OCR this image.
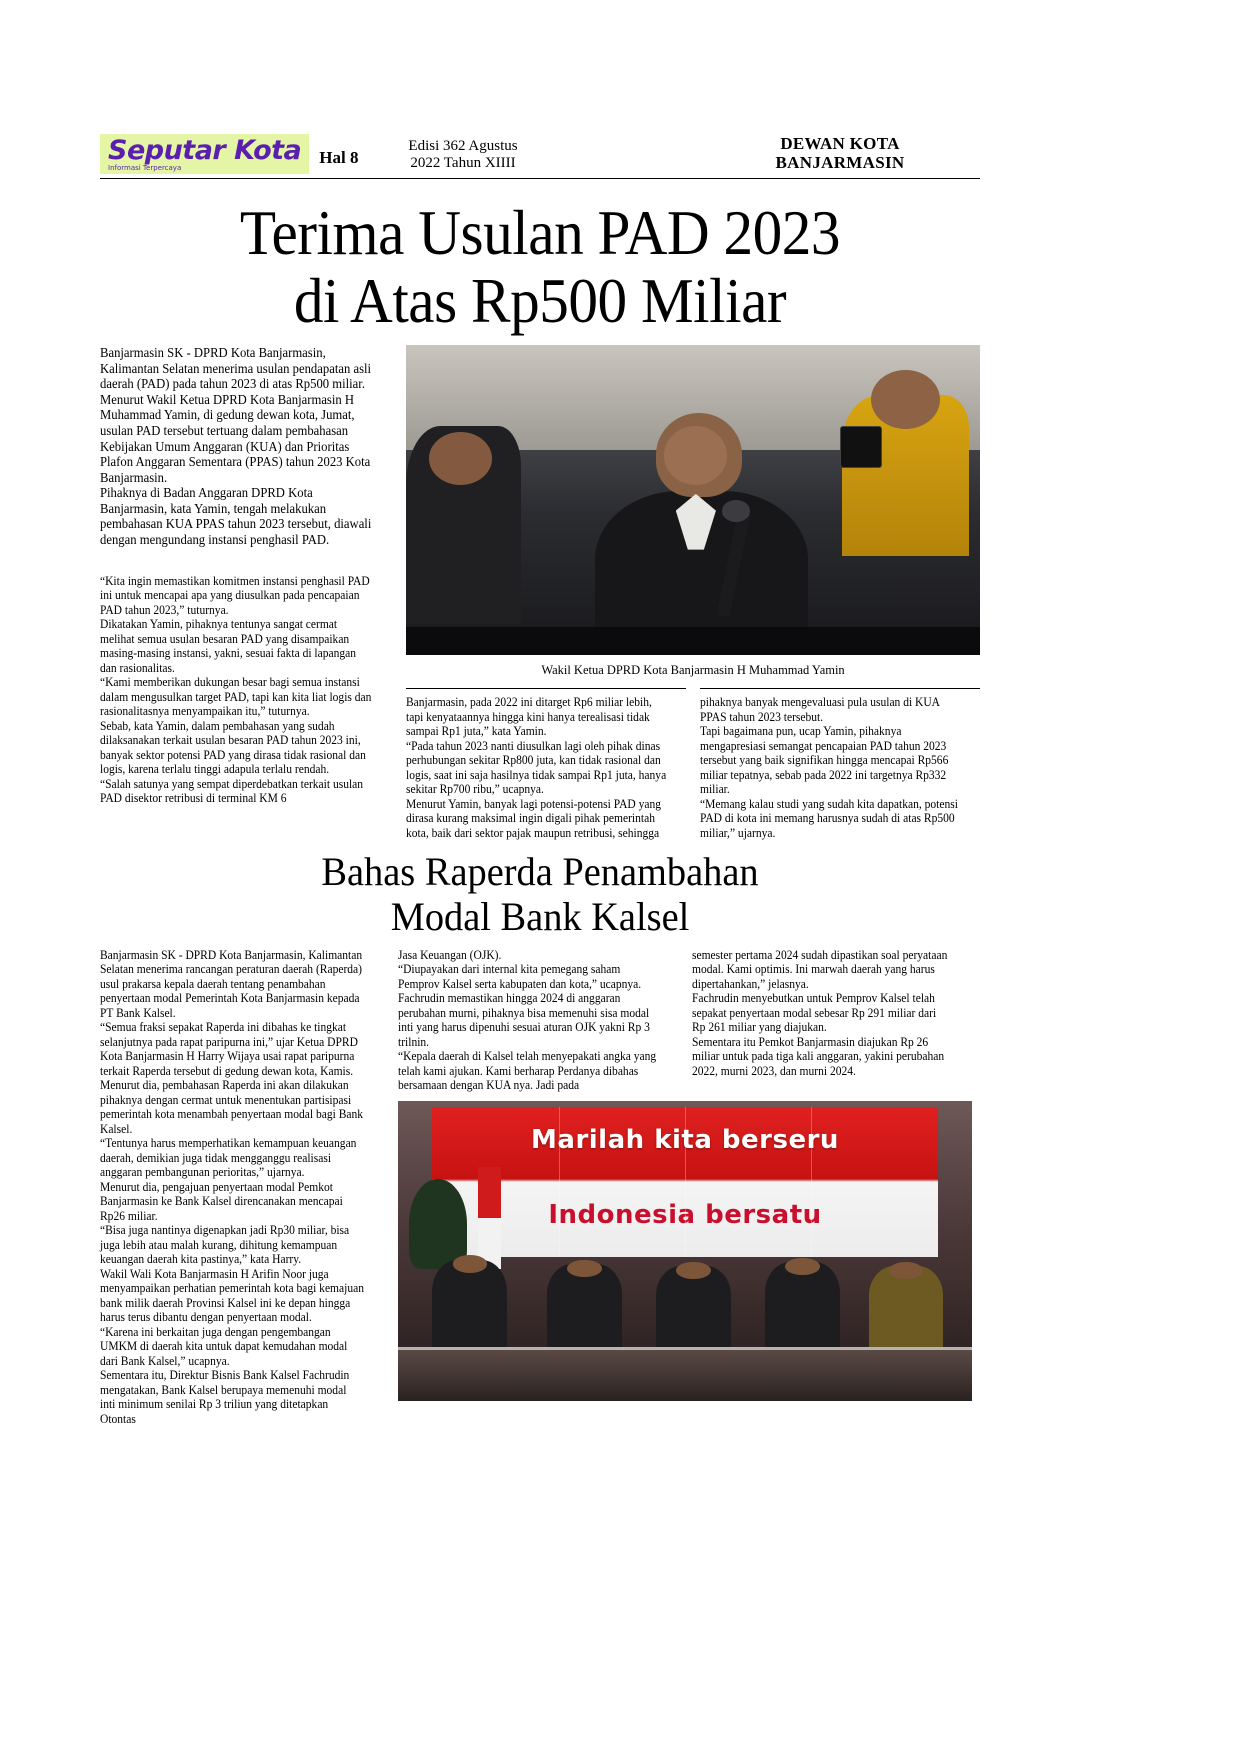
Seputar Kota
Informasi Terpercaya
Hal 8
Edisi 362 Agustus
2022 Tahun XIIII
DEWAN KOTA
BANJARMASIN
Terima Usulan PAD 2023
di Atas Rp500 Miliar

Banjarmasin SK - DPRD Kota Banjarmasin, Kalimantan Selatan menerima usulan pendapatan asli daerah (PAD) pada tahun 2023 di atas Rp500 miliar.

Menurut Wakil Ketua DPRD Kota Banjarmasin H Muhammad Yamin, di gedung dewan kota, Jumat, usulan PAD tersebut tertuang dalam pembahasan Kebijakan Umum Anggaran (KUA) dan Prioritas Plafon Anggaran Sementara (PPAS) tahun 2023 Kota Banjarmasin.

Pihaknya di Badan Anggaran DPRD Kota Banjarmasin, kata Yamin, tengah melakukan pembahasan KUA PPAS tahun 2023 tersebut, diawali dengan mengundang instansi penghasil PAD.

“Kita ingin memastikan komitmen instansi penghasil PAD ini untuk mencapai apa yang diusulkan pada pencapaian PAD tahun 2023,” tuturnya.

Dikatakan Yamin, pihaknya tentunya sangat cermat melihat semua usulan besaran PAD yang disampaikan masing-masing instansi, yakni, sesuai fakta di lapangan dan rasionalitas.

“Kami memberikan dukungan besar bagi semua instansi dalam mengusulkan target PAD, tapi kan kita liat logis dan rasionalitasnya menyampaikan itu,” tuturnya.

Sebab, kata Yamin, dalam pembahasan yang sudah dilaksanakan terkait usulan besaran PAD tahun 2023 ini, banyak sektor potensi PAD yang dirasa tidak rasional dan logis, karena terlalu tinggi adapula terlalu rendah.

“Salah satunya yang sempat diperdebatkan terkait usulan PAD disektor retribusi di terminal KM 6

Wakil Ketua DPRD Kota Banjarmasin H Muhammad Yamin

Banjarmasin, pada 2022 ini ditarget Rp6 miliar lebih, tapi kenyataannya hingga kini hanya terealisasi tidak sampai Rp1 juta,” kata Yamin.

“Pada tahun 2023 nanti diusulkan lagi oleh pihak dinas perhubungan sekitar Rp800 juta, kan tidak rasional dan logis, saat ini saja hasilnya tidak sampai Rp1 juta, hanya sekitar Rp700 ribu,” ucapnya.

Menurut Yamin, banyak lagi potensi-potensi PAD yang dirasa kurang maksimal ingin digali pihak pemerintah kota, baik dari sektor pajak maupun retribusi, sehingga

pihaknya banyak mengevaluasi pula usulan di KUA PPAS tahun 2023 tersebut.

Tapi bagaimana pun, ucap Yamin, pihaknya mengapresiasi semangat pencapaian PAD tahun 2023 tersebut yang baik signifikan hingga mencapai Rp566 miliar tepatnya, sebab pada 2022 ini targetnya Rp332 miliar.

“Memang kalau studi yang sudah kita dapatkan, potensi PAD di kota ini memang harusnya sudah di atas Rp500 miliar,” ujarnya.

Bahas Raperda Penambahan
Modal Bank Kalsel

Banjarmasin SK - DPRD Kota Banjarmasin, Kalimantan Selatan menerima rancangan peraturan daerah (Raperda) usul prakarsa kepala daerah tentang penambahan penyertaan modal Pemerintah Kota Banjarmasin kepada PT Bank Kalsel.

“Semua fraksi sepakat Raperda ini dibahas ke tingkat selanjutnya pada rapat paripurna ini,” ujar Ketua DPRD Kota Banjarmasin H Harry Wijaya usai rapat paripurna terkait Raperda tersebut di gedung dewan kota, Kamis.

Menurut dia, pembahasan Raperda ini akan dilakukan pihaknya dengan cermat untuk menentukan partisipasi pemerintah kota menambah penyertaan modal bagi Bank Kalsel.

“Tentunya harus memperhatikan kemampuan keuangan daerah, demikian juga tidak mengganggu realisasi anggaran pembangunan perioritas,” ujarnya.

Menurut dia, pengajuan penyertaan modal Pemkot Banjarmasin ke Bank Kalsel direncanakan mencapai Rp26 miliar.

“Bisa juga nantinya digenapkan jadi Rp30 miliar, bisa juga lebih atau malah kurang, dihitung kemampuan keuangan daerah kita pastinya,” kata Harry.

Wakil Wali Kota Banjarmasin H Arifin Noor juga menyampaikan perhatian pemerintah kota bagi kemajuan bank milik daerah Provinsi Kalsel ini ke depan hingga harus terus dibantu dengan penyertaan modal.

“Karena ini berkaitan juga dengan pengembangan UMKM di daerah kita untuk dapat kemudahan modal dari Bank Kalsel,” ucapnya.

Sementara itu, Direktur Bisnis Bank Kalsel Fachrudin mengatakan, Bank Kalsel berupaya memenuhi modal inti minimum senilai Rp 3 triliun yang ditetapkan Otontas

Jasa Keuangan (OJK).

“Diupayakan dari internal kita pemegang saham Pemprov Kalsel serta kabupaten dan kota,” ucapnya.

Fachrudin memastikan hingga 2024 di anggaran perubahan murni, pihaknya bisa memenuhi sisa modal inti yang harus dipenuhi sesuai aturan OJK yakni Rp 3 trilnin.

“Kepala daerah di Kalsel telah menyepakati angka yang telah kami ajukan. Kami berharap Perdanya dibahas bersamaan dengan KUA nya. Jadi pada

semester pertama 2024 sudah dipastikan soal peryataan modal. Kami optimis. Ini marwah daerah yang harus dipertahankan,” jelasnya.

Fachrudin menyebutkan untuk Pemprov Kalsel telah sepakat penyertaan modal sebesar Rp 291 miliar dari Rp 261 miliar yang diajukan.

Sementara itu Pemkot Banjarmasin diajukan Rp 26 miliar untuk pada tiga kali anggaran, yakini perubahan 2022, murni 2023, dan murni 2024.

Marilah kita berseru
Indonesia bersatu
